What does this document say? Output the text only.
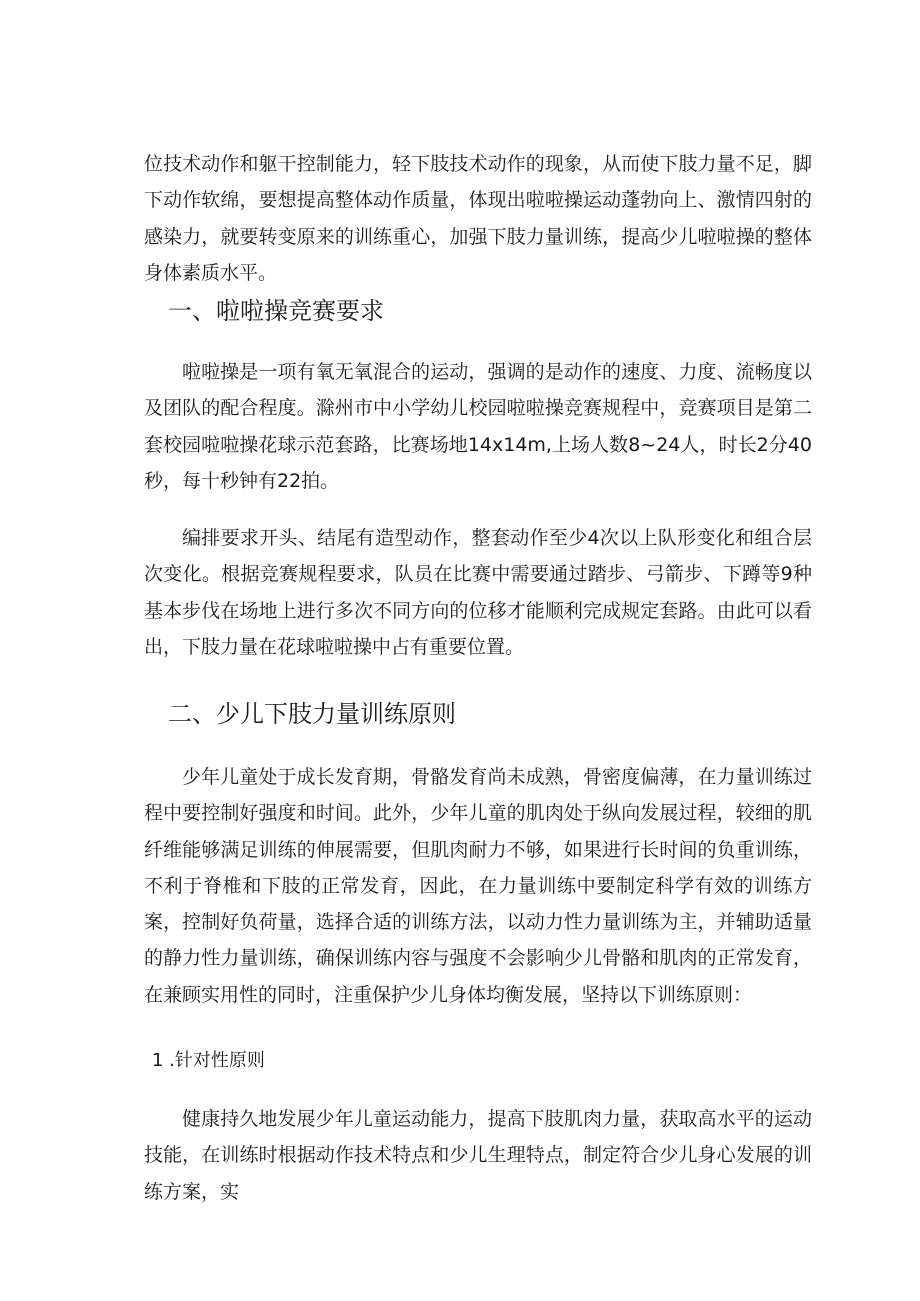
位技术动作和躯干控制能力，轻下肢技术动作的现象，从而使下肢力量不足，脚下动作软绵，要想提高整体动作质量，体现出啦啦操运动蓬勃向上、激情四射的感染力，就要转变原来的训练重心，加强下肢力量训练，提高少儿啦啦操的整体身体素质水平。

一、啦啦操竞赛要求

啦啦操是一项有氧无氧混合的运动，强调的是动作的速度、力度、流畅度以及团队的配合程度。滁州市中小学幼儿校园啦啦操竞赛规程中，竞赛项目是第二套校园啦啦操花球示范套路，比赛场地14x14m,上场人数8~24人，时长2分40秒，每十秒钟有22拍。

编排要求开头、结尾有造型动作，整套动作至少4次以上队形变化和组合层次变化。根据竞赛规程要求，队员在比赛中需要通过踏步、弓箭步、下蹲等9种基本步伐在场地上进行多次不同方向的位移才能顺利完成规定套路。由此可以看出，下肢力量在花球啦啦操中占有重要位置。

二、少儿下肢力量训练原则

少年儿童处于成长发育期，骨骼发育尚未成熟，骨密度偏薄，在力量训练过程中要控制好强度和时间。此外，少年儿童的肌肉处于纵向发展过程，较细的肌纤维能够满足训练的伸展需要，但肌肉耐力不够，如果进行长时间的负重训练，不利于脊椎和下肢的正常发育，因此，在力量训练中要制定科学有效的训练方案，控制好负荷量，选择合适的训练方法，以动力性力量训练为主，并辅助适量的静力性力量训练，确保训练内容与强度不会影响少儿骨骼和肌肉的正常发育，在兼顾实用性的同时，注重保护少儿身体均衡发展，坚持以下训练原则：

1 .针对性原则

健康持久地发展少年儿童运动能力，提高下肢肌肉力量，获取高水平的运动技能，在训练时根据动作技术特点和少儿生理特点，制定符合少儿身心发展的训练方案，实
